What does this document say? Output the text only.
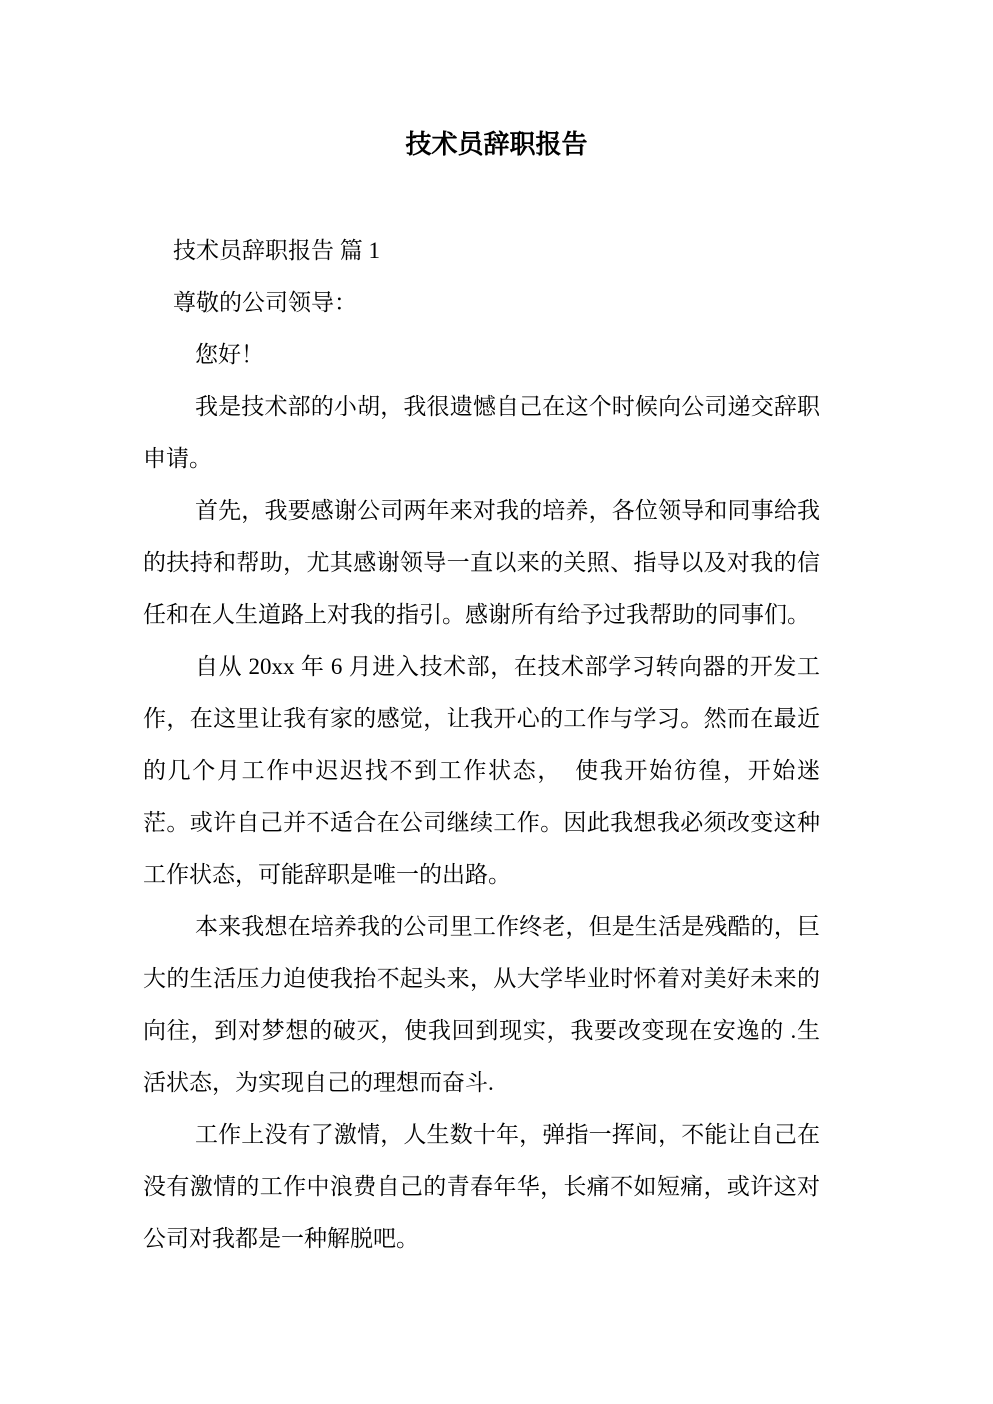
技术员辞职报告

技术员辞职报告 篇 1

尊敬的公司领导：

您好！

我是技术部的小胡，我很遗憾自己在这个时候向公司递交辞职申请。

首先，我要感谢公司两年来对我的培养，各位领导和同事给我的扶持和帮助，尤其感谢领导一直以来的关照、指导以及对我的信任和在人生道路上对我的指引。感谢所有给予过我帮助的同事们。

自从 20xx 年 6 月进入技术部，在技术部学习转向器的开发工作，在这里让我有家的感觉，让我开心的工作与学习。然而在最近的几个月工作中迟迟找不到工作状态，　使我开始彷徨，开始迷茫。或许自己并不适合在公司继续工作。因此我想我必须改变这种工作状态，可能辞职是唯一的出路。

本来我想在培养我的公司里工作终老，但是生活是残酷的，巨大的生活压力迫使我抬不起头来，从大学毕业时怀着对美好未来的向往，到对梦想的破灭，使我回到现实，我要改变现在安逸的 .生活状态，为实现自己的理想而奋斗.

工作上没有了激情，人生数十年，弹指一挥间，不能让自己在没有激情的工作中浪费自己的青春年华，长痛不如短痛，或许这对公司对我都是一种解脱吧。
